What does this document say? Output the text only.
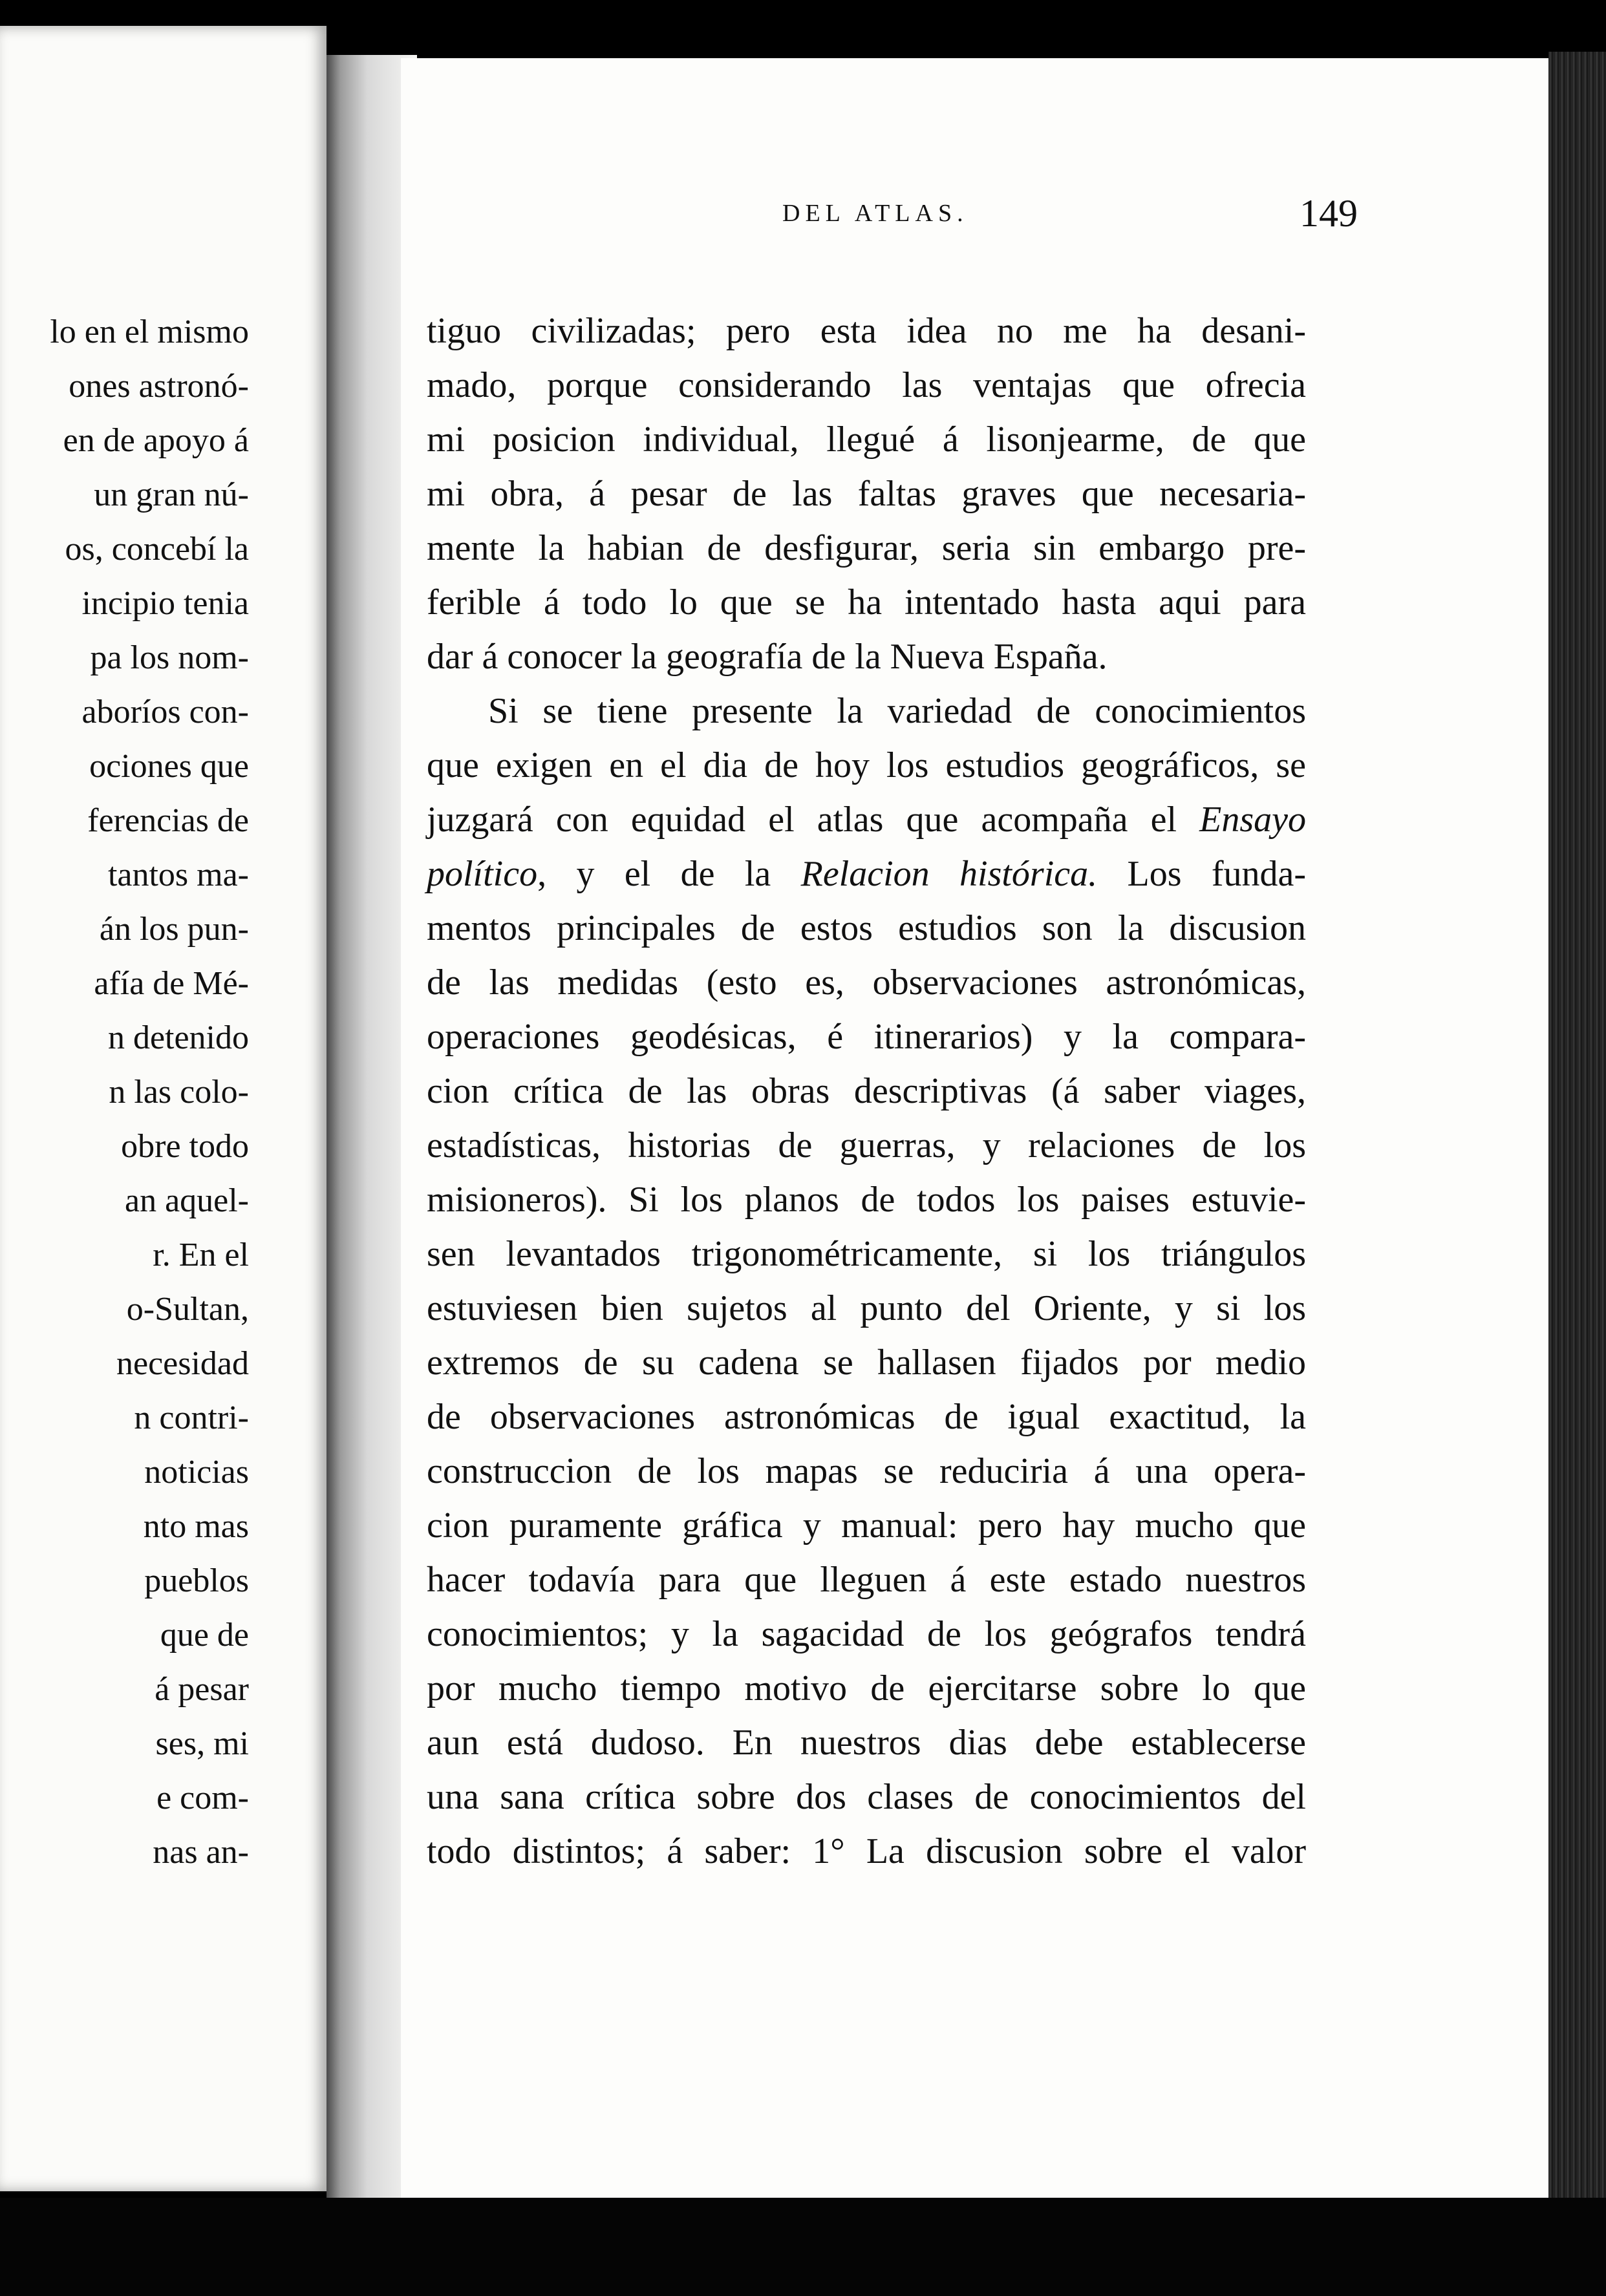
lo en el mismo
ones astronó-
en de apoyo á
un gran nú-
os, concebí la
incipio tenia
pa los nom-
aboríos con-
ociones que
ferencias de
tantos ma-
án los pun-
afía de Mé-
n detenido
n las colo-
obre todo
an aquel-
r. En el
o-Sultan,
necesidad
n contri-
noticias
nto mas
pueblos
que de
á pesar
ses, mi
e com-
nas an-
DEL ATLAS.	149
tiguo civilizadas; pero esta idea no me ha desani-
mado, porque considerando las ventajas que ofrecia
mi posicion individual, llegué á lisonjearme, de que
mi obra, á pesar de las faltas graves que necesaria-
mente la habian de desfigurar, seria sin embargo pre-
ferible á todo lo que se ha intentado hasta aqui para
dar á conocer la geografía de la Nueva España.
Si se tiene presente la variedad de conocimientos
que exigen en el dia de hoy los estudios geográficos, se
juzgará con equidad el atlas que acompaña el Ensayo
político, y el de la Relacion histórica. Los funda-
mentos principales de estos estudios son la discusion
de las medidas (esto es, observaciones astronómicas,
operaciones geodésicas, é itinerarios) y la compara-
cion crítica de las obras descriptivas (á saber viages,
estadísticas, historias de guerras, y relaciones de los
misioneros). Si los planos de todos los paises estuvie-
sen levantados trigonométricamente, si los triángulos
estuviesen bien sujetos al punto del Oriente, y si los
extremos de su cadena se hallasen fijados por medio
de observaciones astronómicas de igual exactitud, la
construccion de los mapas se reduciria á una opera-
cion puramente gráfica y manual: pero hay mucho que
hacer todavía para que lleguen á este estado nuestros
conocimientos; y la sagacidad de los geógrafos tendrá
por mucho tiempo motivo de ejercitarse sobre lo que
aun está dudoso. En nuestros dias debe establecerse
una sana crítica sobre dos clases de conocimientos del
todo distintos; á saber: 1° La discusion sobre el valor
